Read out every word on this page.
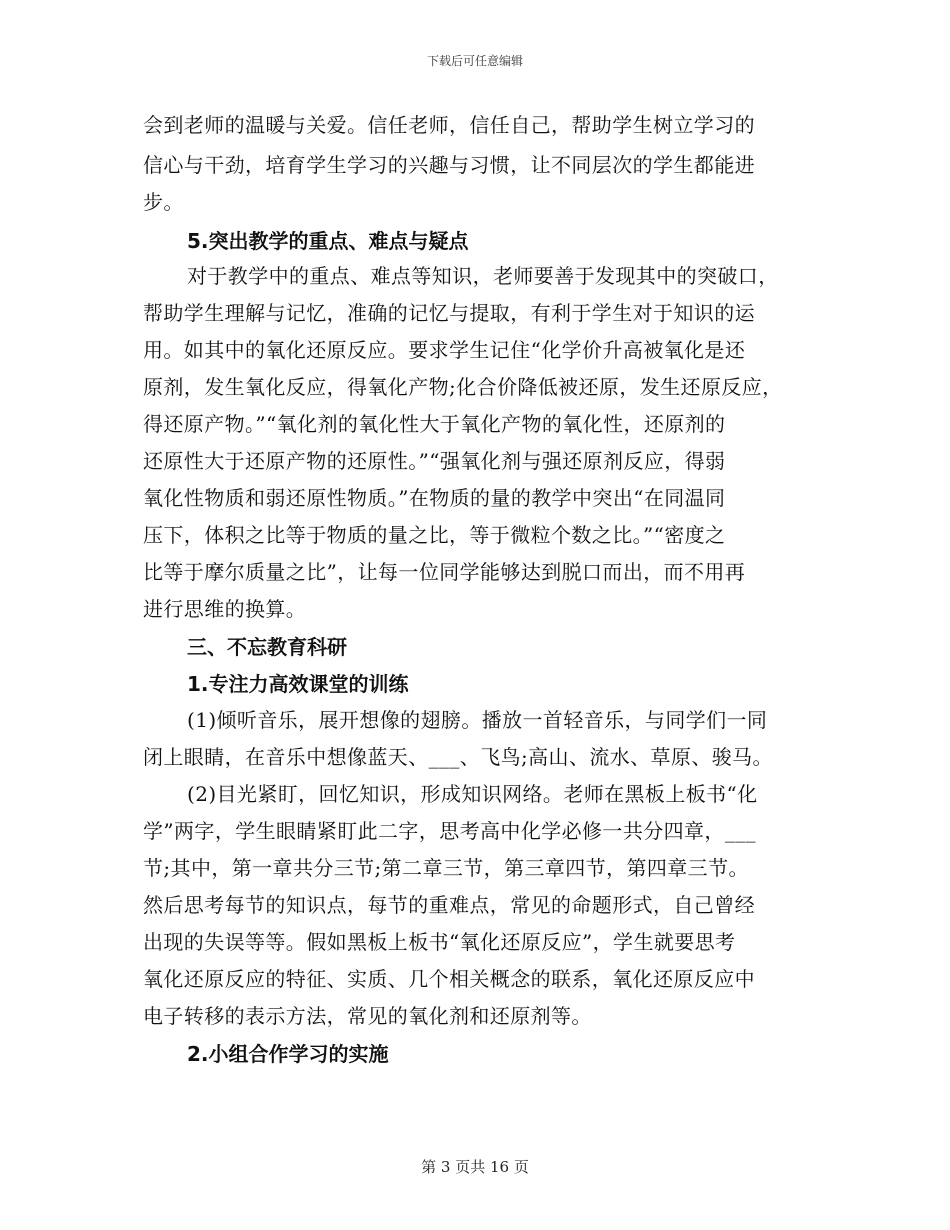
下载后可任意编辑
会到老师的温暖与关爱。信任老师，信任自己，帮助学生树立学习的
信心与干劲，培育学生学习的兴趣与习惯，让不同层次的学生都能进
步。
5.突出教学的重点、难点与疑点
对于教学中的重点、难点等知识，老师要善于发现其中的突破口，
帮助学生理解与记忆，准确的记忆与提取，有利于学生对于知识的运
用。如其中的氧化还原反应。要求学生记住“化学价升高被氧化是还
原剂，发生氧化反应，得氧化产物;化合价降低被还原，发生还原反应，
得还原产物。”“氧化剂的氧化性大于氧化产物的氧化性，还原剂的
还原性大于还原产物的还原性。”“强氧化剂与强还原剂反应，得弱
氧化性物质和弱还原性物质。”在物质的量的教学中突出“在同温同
压下，体积之比等于物质的量之比，等于微粒个数之比。”“密度之
比等于摩尔质量之比”，让每一位同学能够达到脱口而出，而不用再
进行思维的换算。
三、不忘教育科研
1.专注力高效课堂的训练
(1)倾听音乐，展开想像的翅膀。播放一首轻音乐，与同学们一同
闭上眼睛，在音乐中想像蓝天、___、飞鸟;高山、流水、草原、骏马。
(2)目光紧盯，回忆知识，形成知识网络。老师在黑板上板书“化
学”两字，学生眼睛紧盯此二字，思考高中化学必修一共分四章，___
节;其中，第一章共分三节;第二章三节，第三章四节，第四章三节。
然后思考每节的知识点，每节的重难点，常见的命题形式，自己曾经
出现的失误等等。假如黑板上板书“氧化还原反应”，学生就要思考
氧化还原反应的特征、实质、几个相关概念的联系，氧化还原反应中
电子转移的表示方法，常见的氧化剂和还原剂等。
2.小组合作学习的实施
第 3 页共 16 页
